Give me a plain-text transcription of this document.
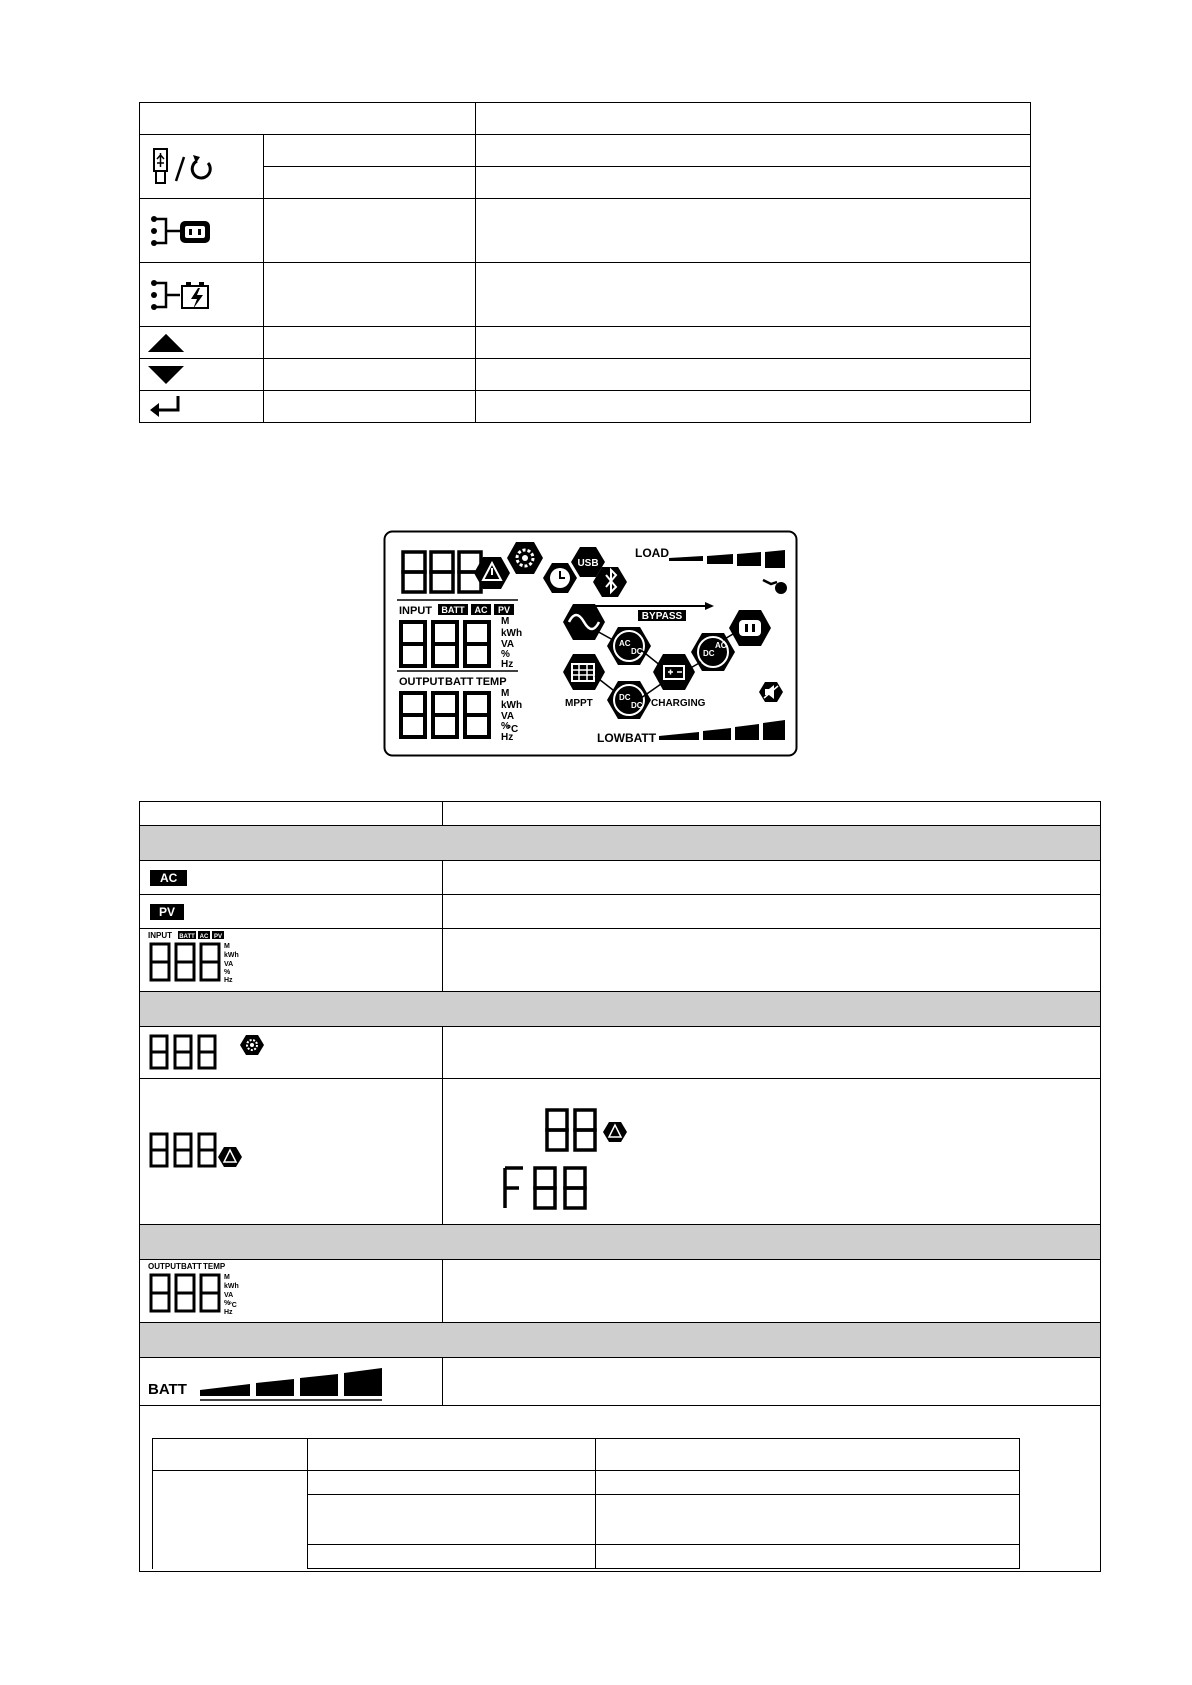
USB
LOAD
INPUT BATT AC PV
M
kWh
VA
%
Hz
OUTPUT BATT TEMP
M
kWh
VA
%
°C
Hz
BYPASS
MPPT
AC
DC
DC
DC CHARGING
DC
AC
LOWBATT

AC	
PV	

INPUT BATT AC PV
M
kWh
VA
%
Hz

OUTPUT BATT TEMP
M
kWh
VA
%
°C
Hz

BATT
